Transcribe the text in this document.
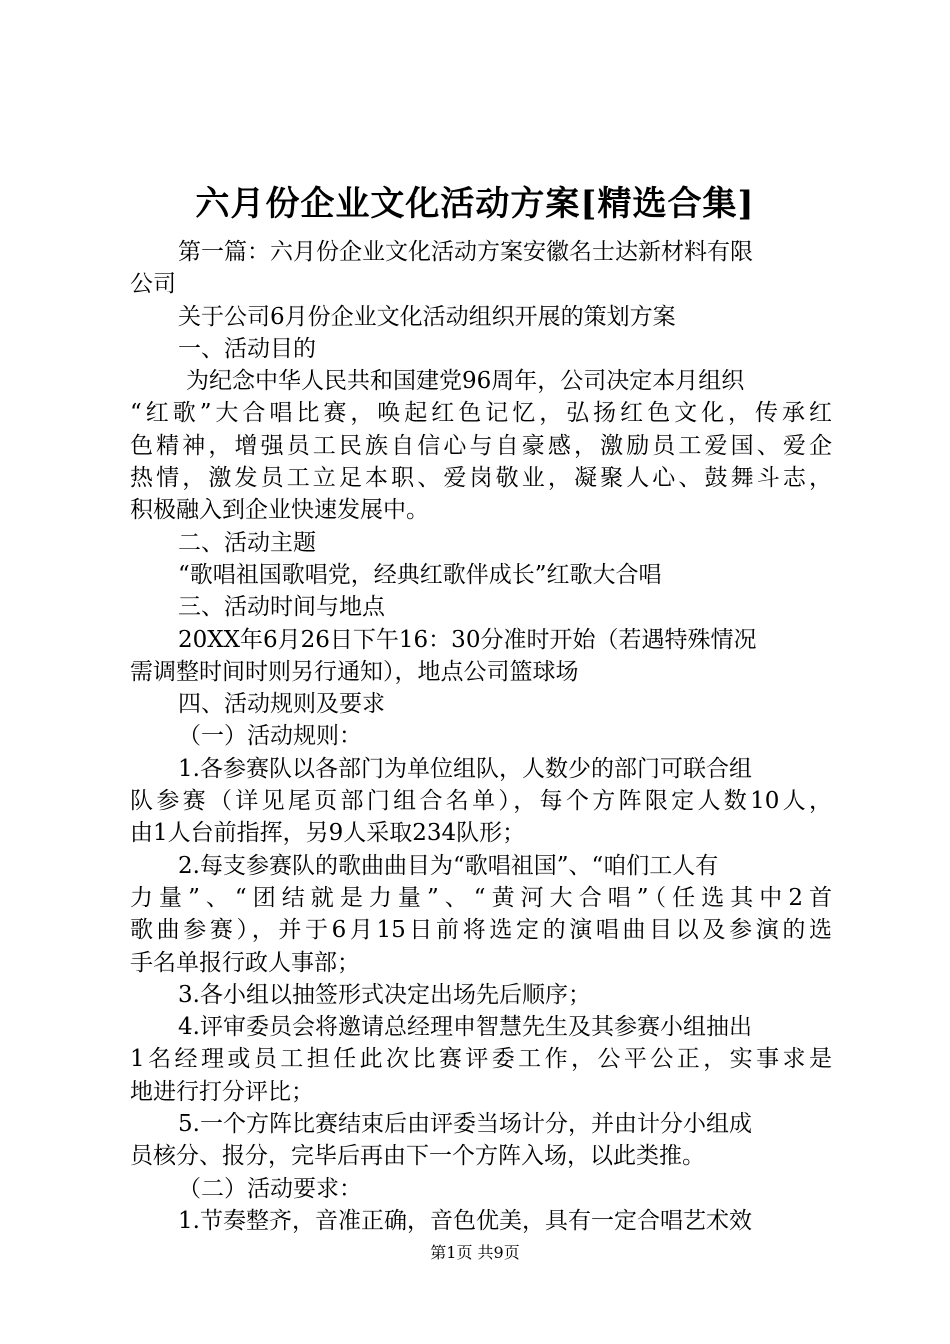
六月份企业文化活动方案[精选合集]
第一篇：六月份企业文化活动方案安徽名士达新材料有限
公司
关于公司6月份企业文化活动组织开展的策划方案
一、活动目的
为纪念中华人民共和国建党96周年，公司决定本月组织
“红歌”大合唱比赛，唤起红色记忆，弘扬红色文化，传承红
色精神，增强员工民族自信心与自豪感，激励员工爱国、爱企
热情，激发员工立足本职、爱岗敬业，凝聚人心、鼓舞斗志，
积极融入到企业快速发展中。
二、活动主题
“歌唱祖国歌唱党，经典红歌伴成长”红歌大合唱
三、活动时间与地点
20XX年6月26日下午16：30分准时开始（若遇特殊情况
需调整时间时则另行通知），地点公司篮球场
四、活动规则及要求
（一）活动规则：
1.各参赛队以各部门为单位组队，人数少的部门可联合组
队参赛（详见尾页部门组合名单），每个方阵限定人数10人，
由1人台前指挥，另9人采取234队形；
2.每支参赛队的歌曲曲目为“歌唱祖国”、“咱们工人有
力量”、“团结就是力量”、“黄河大合唱”（任选其中2首
歌曲参赛），并于6月15日前将选定的演唱曲目以及参演的选
手名单报行政人事部；
3.各小组以抽签形式决定出场先后顺序；
4.评审委员会将邀请总经理申智慧先生及其参赛小组抽出
1名经理或员工担任此次比赛评委工作，公平公正，实事求是
地进行打分评比；
5.一个方阵比赛结束后由评委当场计分，并由计分小组成
员核分、报分，完毕后再由下一个方阵入场，以此类推。
（二）活动要求：
1.节奏整齐，音准正确，音色优美，具有一定合唱艺术效
第1页 共9页
